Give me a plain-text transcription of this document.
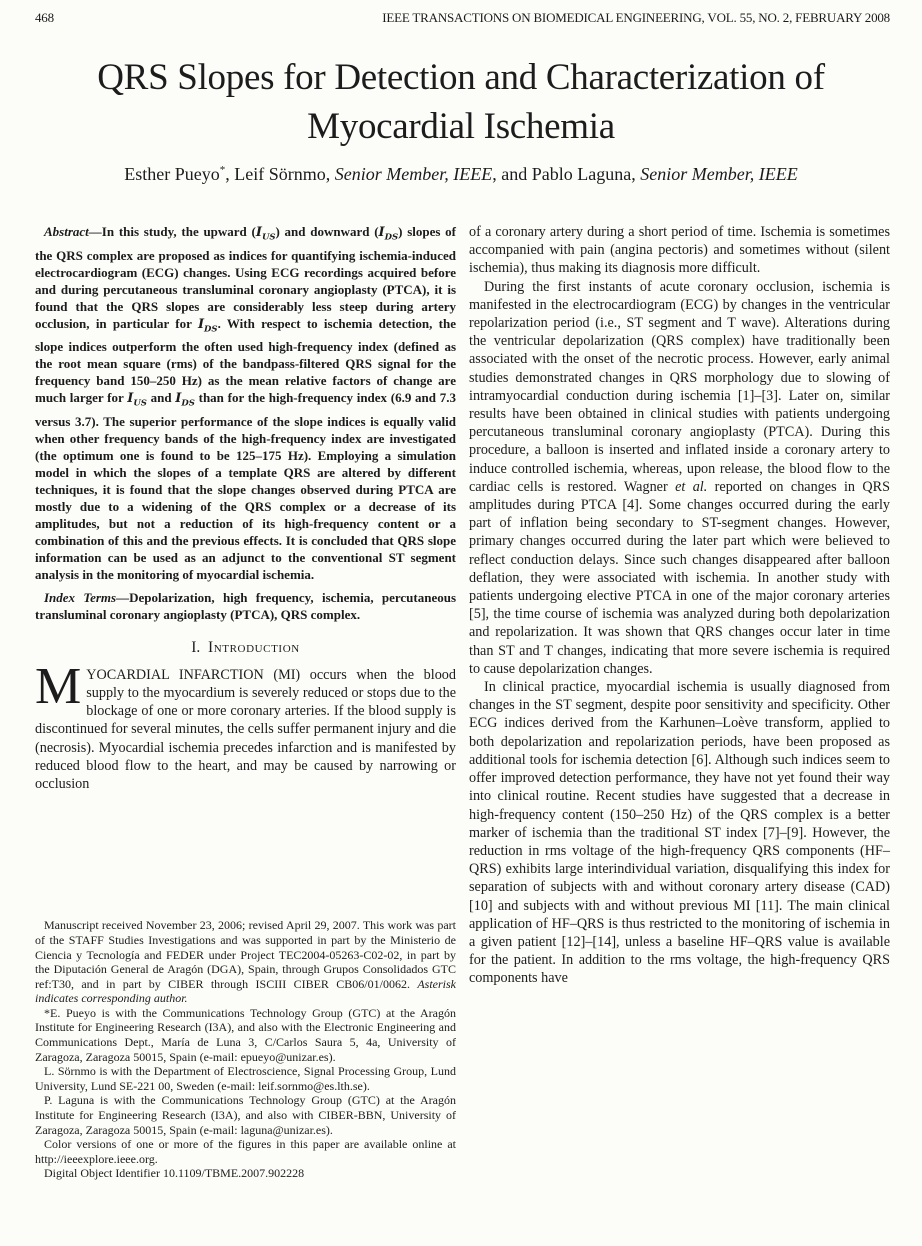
468	IEEE TRANSACTIONS ON BIOMEDICAL ENGINEERING, VOL. 55, NO. 2, FEBRUARY 2008
QRS Slopes for Detection and Characterization of
Myocardial Ischemia
Esther Pueyo*, Leif Sörnmo, Senior Member, IEEE, and Pablo Laguna, Senior Member, IEEE

Abstract—In this study, the upward $(I_{US})$ and downward $(I_{DS})$ slopes of the QRS complex are proposed as indices for quantifying ischemia-induced electrocardiogram (ECG) changes. Using ECG recordings acquired before and during percutaneous transluminal coronary angioplasty (PTCA), it is found that the QRS slopes are considerably less steep during artery occlusion, in particular for $I_{DS}$. With respect to ischemia detection, the slope indices outperform the often used high-frequency index (defined as the root mean square (rms) of the bandpass-filtered QRS signal for the frequency band 150–250 Hz) as the mean relative factors of change are much larger for $I_{US}$ and $I_{DS}$ than for the high-frequency index (6.9 and 7.3 versus 3.7). The superior performance of the slope indices is equally valid when other frequency bands of the high-frequency index are investigated (the optimum one is found to be 125–175 Hz). Employing a simulation model in which the slopes of a template QRS are altered by different techniques, it is found that the slope changes observed during PTCA are mostly due to a widening of the QRS complex or a decrease of its amplitudes, but not a reduction of its high-frequency content or a combination of this and the previous effects. It is concluded that QRS slope information can be used as an adjunct to the conventional ST segment analysis in the monitoring of myocardial ischemia.

Index Terms—Depolarization, high frequency, ischemia, percutaneous transluminal coronary angioplasty (PTCA), QRS complex.

I. Introduction

MYOCARDIAL INFARCTION (MI) occurs when the blood supply to the myocardium is severely reduced or stops due to the blockage of one or more coronary arteries. If the blood supply is discontinued for several minutes, the cells suffer permanent injury and die (necrosis). Myocardial ischemia precedes infarction and is manifested by reduced blood flow to the heart, and may be caused by narrowing or occlusion

Manuscript received November 23, 2006; revised April 29, 2007. This work was part of the STAFF Studies Investigations and was supported in part by the Ministerio de Ciencia y Tecnología and FEDER under Project TEC2004-05263-C02-02, in part by the Diputación General de Aragón (DGA), Spain, through Grupos Consolidados GTC ref:T30, and in part by CIBER through ISCIII CIBER CB06/01/0062. Asterisk indicates corresponding author.

*E. Pueyo is with the Communications Technology Group (GTC) at the Aragón Institute for Engineering Research (I3A), and also with the Electronic Engineering and Communications Dept., María de Luna 3, C/Carlos Saura 5, 4a, University of Zaragoza, Zaragoza 50015, Spain (e-mail: epueyo@unizar.es).

L. Sörnmo is with the Department of Electroscience, Signal Processing Group, Lund University, Lund SE-221 00, Sweden (e-mail: leif.sornmo@es.lth.se).

P. Laguna is with the Communications Technology Group (GTC) at the Aragón Institute for Engineering Research (I3A), and also with CIBER-BBN, University of Zaragoza, Zaragoza 50015, Spain (e-mail: laguna@unizar.es).

Color versions of one or more of the figures in this paper are available online at http://ieeexplore.ieee.org.

Digital Object Identifier 10.1109/TBME.2007.902228

of a coronary artery during a short period of time. Ischemia is sometimes accompanied with pain (angina pectoris) and sometimes without (silent ischemia), thus making its diagnosis more difficult.

During the first instants of acute coronary occlusion, ischemia is manifested in the electrocardiogram (ECG) by changes in the ventricular repolarization period (i.e., ST segment and T wave). Alterations during the ventricular depolarization (QRS complex) have traditionally been associated with the onset of the necrotic process. However, early animal studies demonstrated changes in QRS morphology due to slowing of intramyocardial conduction during ischemia [1]–[3]. Later on, similar results have been obtained in clinical studies with patients undergoing percutaneous transluminal coronary angioplasty (PTCA). During this procedure, a balloon is inserted and inflated inside a coronary artery to induce controlled ischemia, whereas, upon release, the blood flow to the cardiac cells is restored. Wagner et al. reported on changes in QRS amplitudes during PTCA [4]. Some changes occurred during the early part of inflation being secondary to ST-segment changes. However, primary changes occurred during the later part which were believed to reflect conduction delays. Since such changes disappeared after balloon deflation, they were associated with ischemia. In another study with patients undergoing elective PTCA in one of the major coronary arteries [5], the time course of ischemia was analyzed during both depolarization and repolarization. It was shown that QRS changes occur later in time than ST and T changes, indicating that more severe ischemia is required to cause depolarization changes.

In clinical practice, myocardial ischemia is usually diagnosed from changes in the ST segment, despite poor sensitivity and specificity. Other ECG indices derived from the Karhunen–Loève transform, applied to both depolarization and repolarization periods, have been proposed as additional tools for ischemia detection [6]. Although such indices seem to offer improved detection performance, they have not yet found their way into clinical routine. Recent studies have suggested that a decrease in high-frequency content (150–250 Hz) of the QRS complex is a better marker of ischemia than the traditional ST index [7]–[9]. However, the reduction in rms voltage of the high-frequency QRS components (HF–QRS) exhibits large interindividual variation, disqualifying this index for separation of subjects with and without coronary artery disease (CAD) [10] and subjects with and without previous MI [11]. The main clinical application of HF–QRS is thus restricted to the monitoring of ischemia in a given patient [12]–[14], unless a baseline HF–QRS value is available for the patient. In addition to the rms voltage, the high-frequency QRS components have
